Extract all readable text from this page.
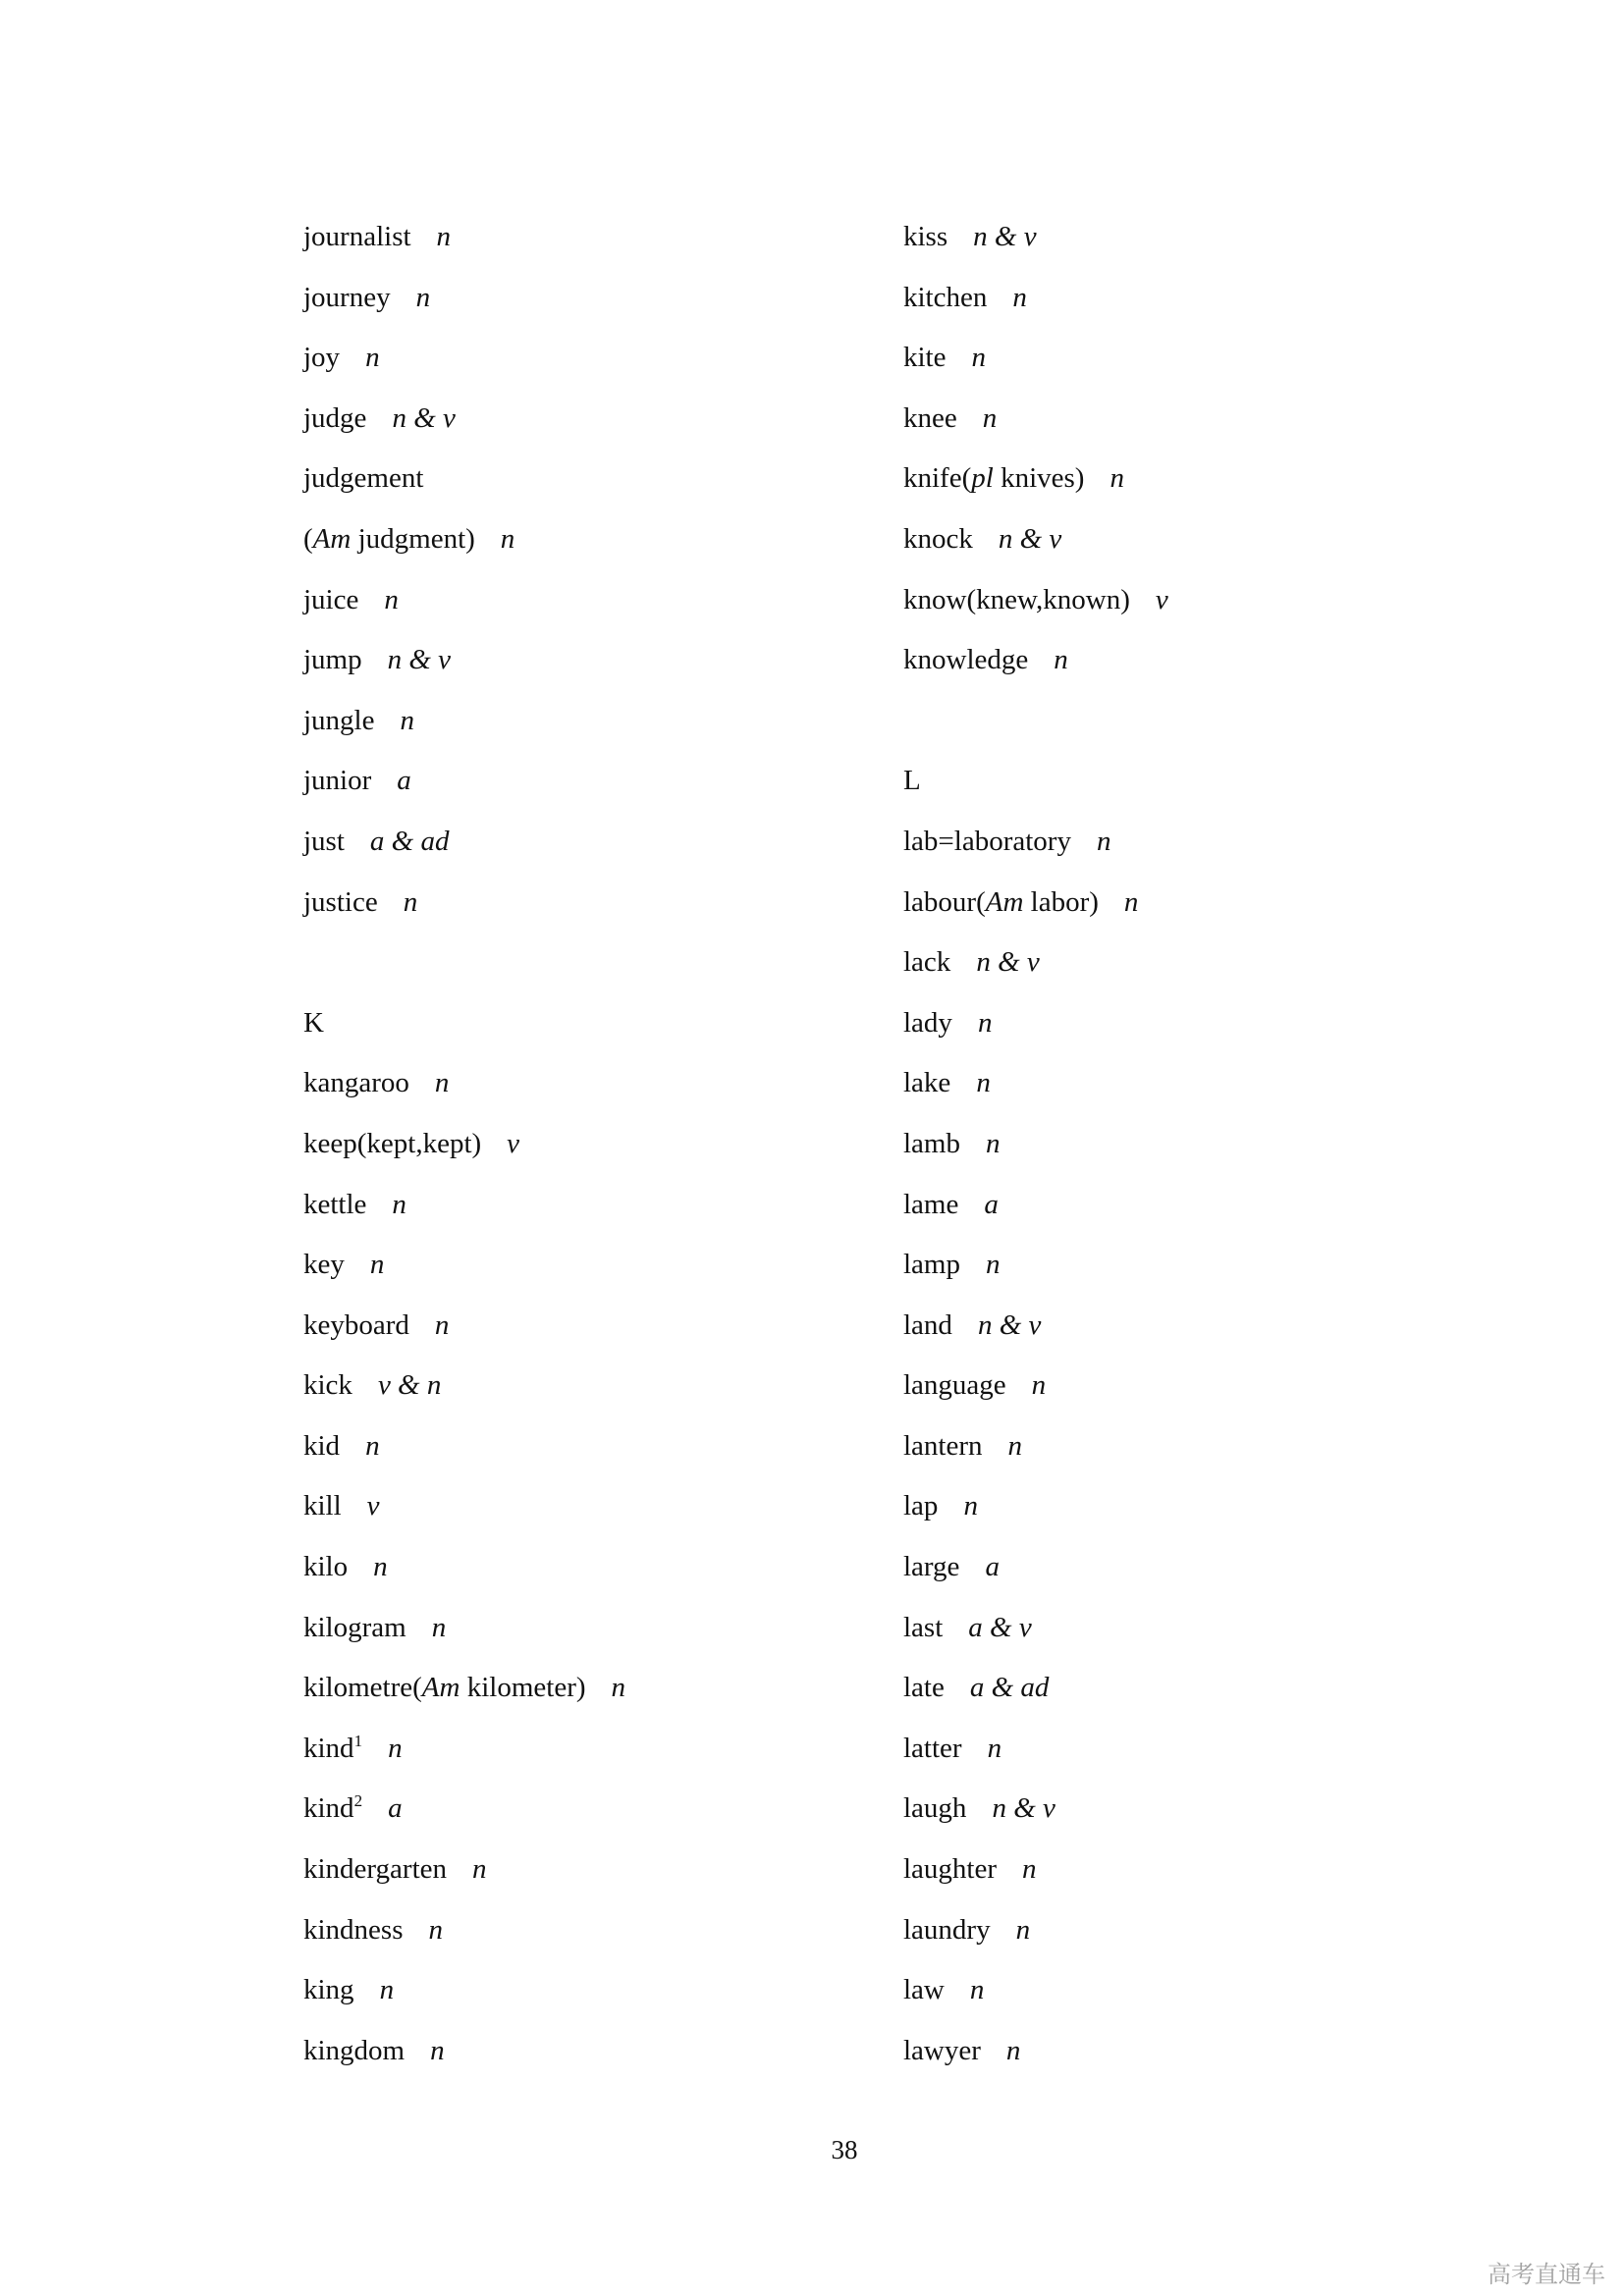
journalist n
journey n
joy n
judge n & v
judgement
(Am judgment) n
juice n
jump n & v
jungle n
junior a
just a & ad
justice n
K
kangaroo n
keep(kept,kept) v
kettle n
key n
keyboard n
kick v & n
kid n
kill v
kilo n
kilogram n
kilometre(Am kilometer) n
kind$^1$ n
kind$^2$ a
kindergarten n
kindness n
king n
kingdom n
kiss n & v
kitchen n
kite n
knee n
knife(pl knives) n
knock n & v
know(knew,known) v
knowledge n
L
lab=laboratory n
labour(Am labor) n
lack n & v
lady n
lake n
lamb n
lame a
lamp n
land n & v
language n
lantern n
lap n
large a
last a & v
late a & ad
latter n
laugh n & v
laughter n
laundry n
law n
lawyer n
38
高考直通车
